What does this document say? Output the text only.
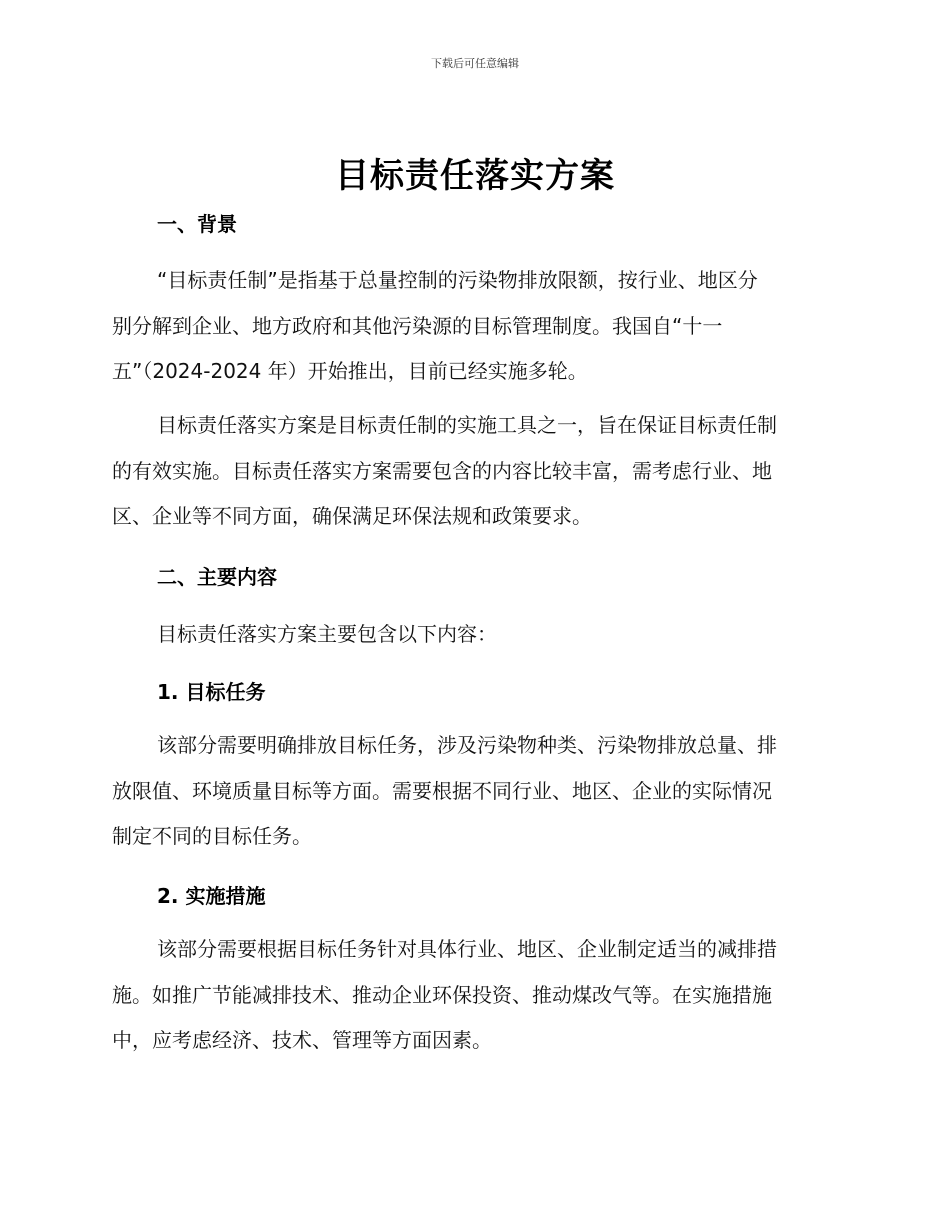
下载后可任意编辑
目标责任落实方案
一、背景

“目标责任制”是指基于总量控制的污染物排放限额，按行业、地区分
别分解到企业、地方政府和其他污染源的目标管理制度。我国自“十一
五”（2024-2024 年）开始推出，目前已经实施多轮。

目标责任落实方案是目标责任制的实施工具之一，旨在保证目标责任制
的有效实施。目标责任落实方案需要包含的内容比较丰富，需考虑行业、地
区、企业等不同方面，确保满足环保法规和政策要求。

二、主要内容

目标责任落实方案主要包含以下内容：

1. 目标任务

该部分需要明确排放目标任务，涉及污染物种类、污染物排放总量、排
放限值、环境质量目标等方面。需要根据不同行业、地区、企业的实际情况
制定不同的目标任务。

2. 实施措施

该部分需要根据目标任务针对具体行业、地区、企业制定适当的减排措
施。如推广节能减排技术、推动企业环保投资、推动煤改气等。在实施措施
中，应考虑经济、技术、管理等方面因素。
